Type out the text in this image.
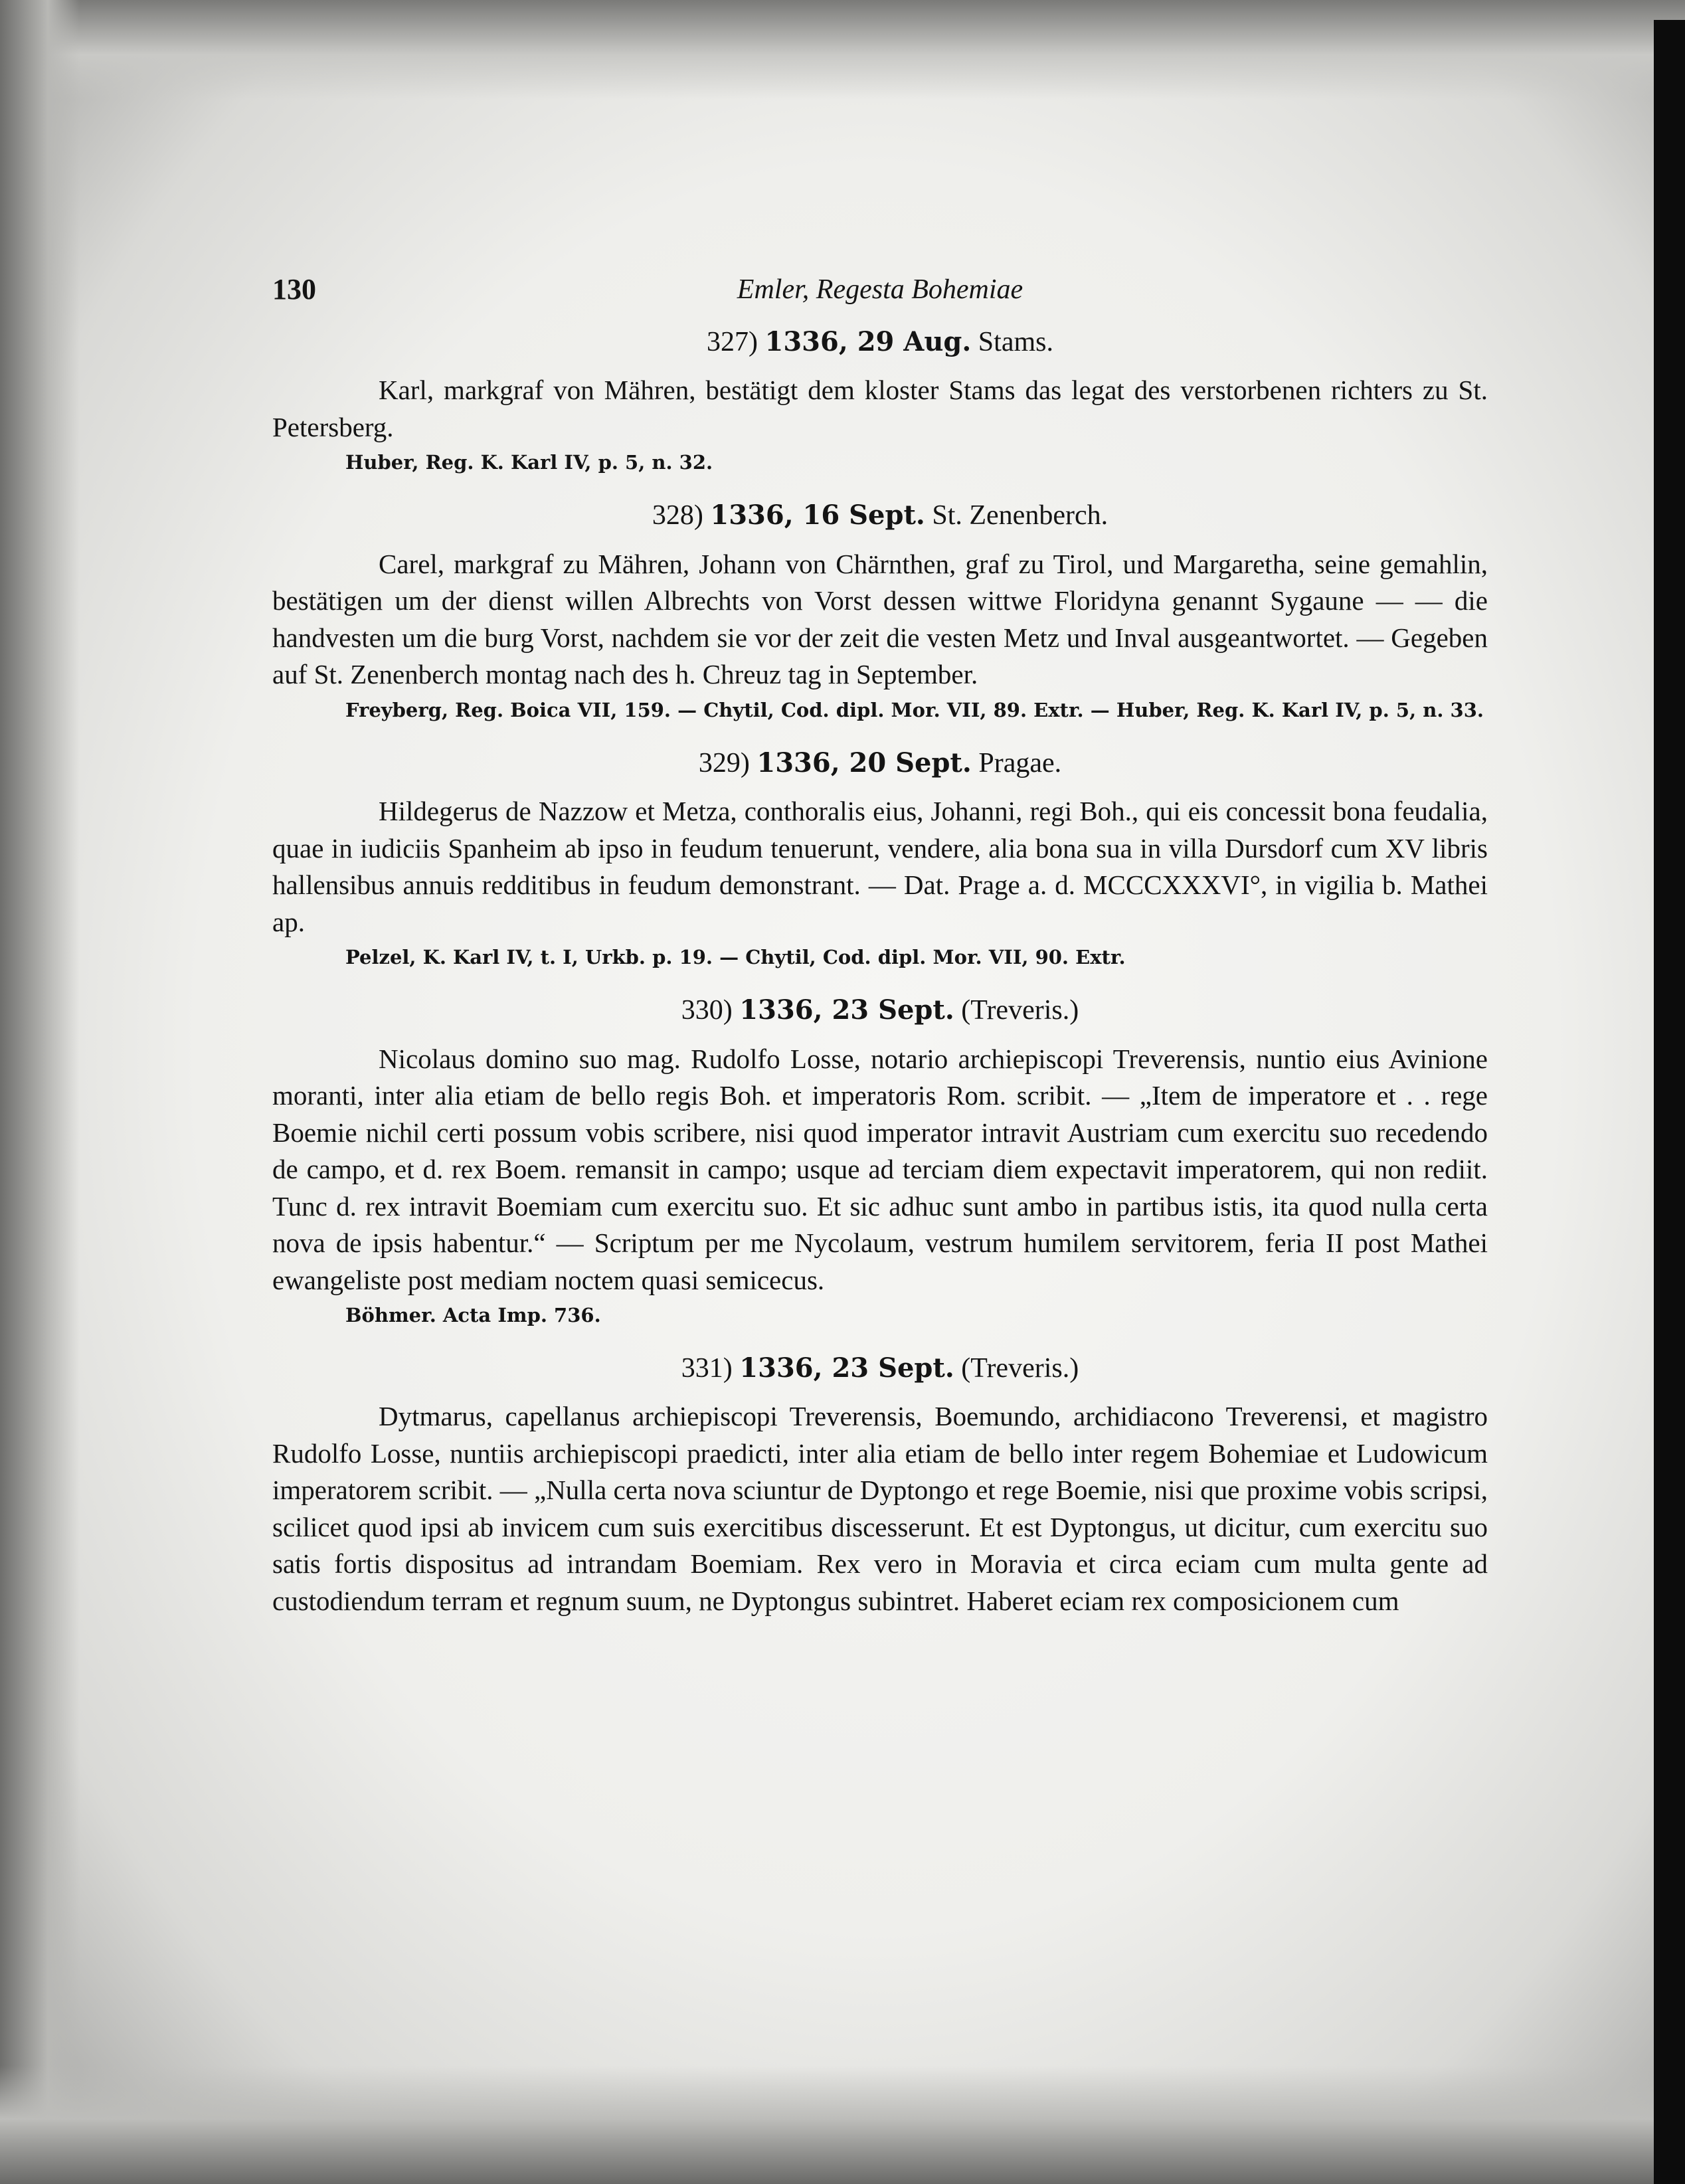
130	Emler, Regesta Bohemiae
327) 1336, 29 Aug. Stams.

Karl, markgraf von Mähren, bestätigt dem kloster Stams das legat des verstorbenen richters zu St. Petersberg.

Huber, Reg. K. Karl IV, p. 5, n. 32.

328) 1336, 16 Sept. St. Zenenberch.

Carel, markgraf zu Mähren, Johann von Chärnthen, graf zu Tirol, und Margaretha, seine gemahlin, bestätigen um der dienst willen Albrechts von Vorst dessen wittwe Floridyna genannt Sygaune — — die handvesten um die burg Vorst, nachdem sie vor der zeit die vesten Metz und Inval ausgeantwortet. — Gegeben auf St. Zenenberch montag nach des h. Chreuz tag in September.

Freyberg, Reg. Boica VII, 159. — Chytil, Cod. dipl. Mor. VII, 89. Extr. — Huber, Reg. K. Karl IV, p. 5, n. 33.

329) 1336, 20 Sept. Pragae.

Hildegerus de Nazzow et Metza, conthoralis eius, Johanni, regi Boh., qui eis concessit bona feudalia, quae in iudiciis Spanheim ab ipso in feudum tenuerunt, vendere, alia bona sua in villa Dursdorf cum XV libris hallensibus annuis redditibus in feudum demonstrant. — Dat. Prage a. d. MCCCXXXVI°, in vigilia b. Mathei ap.

Pelzel, K. Karl IV, t. I, Urkb. p. 19. — Chytil, Cod. dipl. Mor. VII, 90. Extr.

330) 1336, 23 Sept. (Treveris.)

Nicolaus domino suo mag. Rudolfo Losse, notario archiepiscopi Treverensis, nuntio eius Avinione moranti, inter alia etiam de bello regis Boh. et imperatoris Rom. scribit. — „Item de imperatore et . . rege Boemie nichil certi possum vobis scribere, nisi quod imperator intravit Austriam cum exercitu suo recedendo de campo, et d. rex Boem. remansit in campo; usque ad terciam diem expectavit imperatorem, qui non rediit. Tunc d. rex intravit Boemiam cum exercitu suo. Et sic adhuc sunt ambo in partibus istis, ita quod nulla certa nova de ipsis habentur.“ — Scriptum per me Nycolaum, vestrum humilem servitorem, feria II post Mathei ewangeliste post mediam noctem quasi semicecus.

Böhmer. Acta Imp. 736.

331) 1336, 23 Sept. (Treveris.)

Dytmarus, capellanus archiepiscopi Treverensis, Boemundo, archidiacono Treverensi, et magistro Rudolfo Losse, nuntiis archiepiscopi praedicti, inter alia etiam de bello inter regem Bohemiae et Ludowicum imperatorem scribit. — „Nulla certa nova sciuntur de Dyptongo et rege Boemie, nisi que proxime vobis scripsi, scilicet quod ipsi ab invicem cum suis exercitibus discesserunt. Et est Dyptongus, ut dicitur, cum exercitu suo satis fortis dispositus ad intrandam Boemiam. Rex vero in Moravia et circa eciam cum multa gente ad custodiendum terram et regnum suum, ne Dyptongus subintret. Haberet eciam rex composicionem cum
